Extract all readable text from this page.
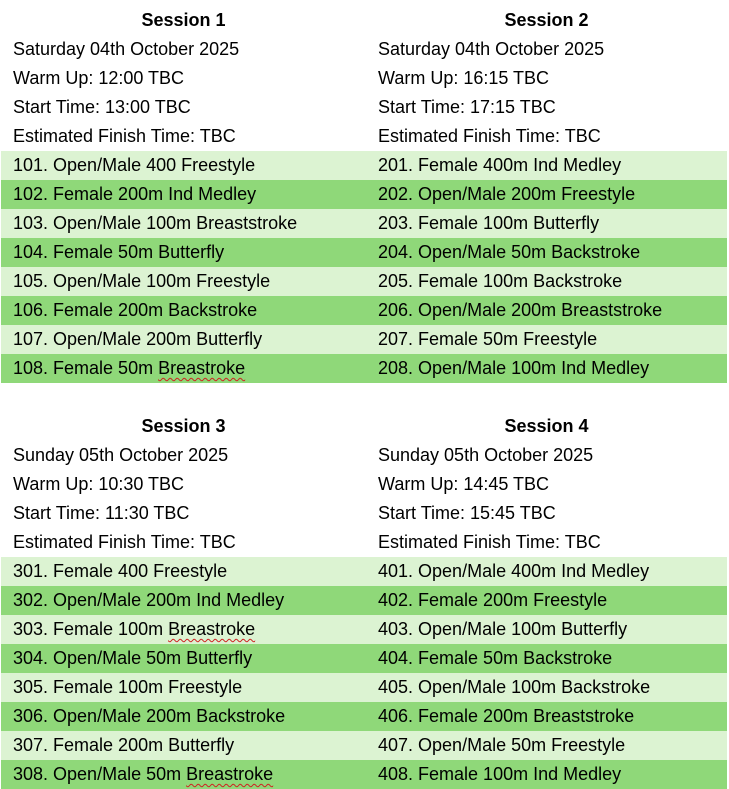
Session 1	Session 2
Saturday 04th October 2025	Saturday 04th October 2025
Warm Up: 12:00 TBC	Warm Up: 16:15 TBC
Start Time: 13:00 TBC	Start Time: 17:15 TBC
Estimated Finish Time: TBC	Estimated Finish Time: TBC
101. Open/Male 400 Freestyle	201. Female 400m Ind Medley
102. Female 200m Ind Medley	202. Open/Male 200m Freestyle
103. Open/Male 100m Breaststroke	203. Female 100m Butterfly
104. Female 50m Butterfly	204. Open/Male 50m Backstroke
105. Open/Male 100m Freestyle	205. Female 100m Backstroke
106. Female 200m Backstroke	206. Open/Male 200m Breaststroke
107. Open/Male 200m Butterfly	207. Female 50m Freestyle
108. Female 50m Breastroke	208. Open/Male 100m Ind Medley
Session 3	Session 4
Sunday 05th October 2025	Sunday 05th October 2025
Warm Up: 10:30 TBC	Warm Up: 14:45 TBC
Start Time: 11:30 TBC	Start Time: 15:45 TBC
Estimated Finish Time: TBC	Estimated Finish Time: TBC
301. Female 400 Freestyle	401. Open/Male 400m Ind Medley
302. Open/Male 200m Ind Medley	402. Female 200m Freestyle
303. Female 100m Breastroke	403. Open/Male 100m Butterfly
304. Open/Male 50m Butterfly	404. Female 50m Backstroke
305. Female 100m Freestyle	405. Open/Male 100m Backstroke
306. Open/Male 200m Backstroke	406. Female 200m Breaststroke
307. Female 200m Butterfly	407. Open/Male 50m Freestyle
308. Open/Male 50m Breastroke	408. Female 100m Ind Medley
